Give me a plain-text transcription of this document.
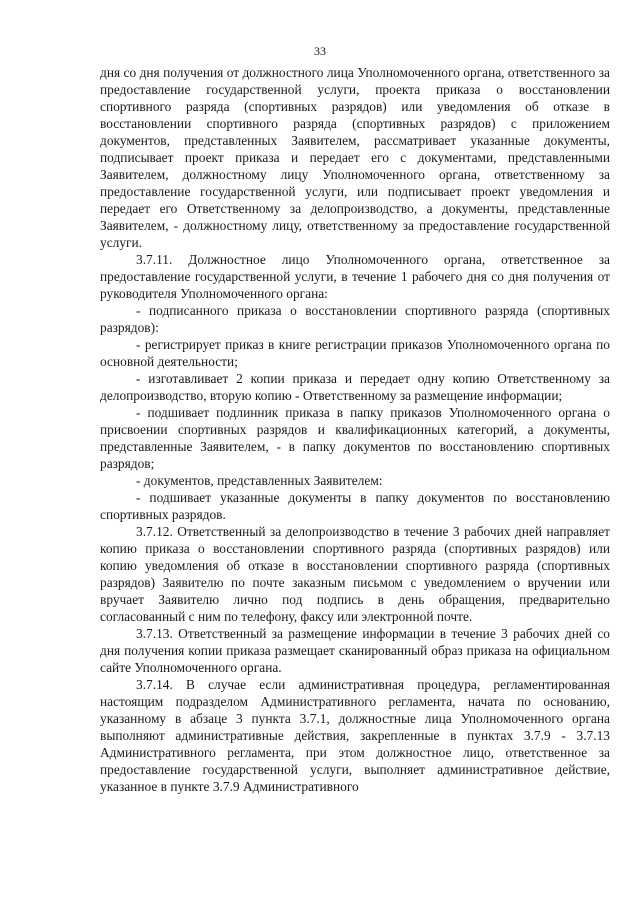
33

дня со дня получения от должностного лица Уполномоченного органа, ответственного за предоставление государственной услуги, проекта приказа о восстановлении спортивного разряда (спортивных разрядов) или уведомления об отказе в восстановлении спортивного разряда (спортивных разрядов) с приложением документов, представленных Заявителем, рассматривает указанные документы, подписывает проект приказа и передает его с документами, представленными Заявителем, должностному лицу Уполномоченного органа, ответственному за предоставление государственной услуги, или подписывает проект уведомления и передает его Ответственному за делопроизводство, а документы, представленные Заявителем, - должностному лицу, ответственному за предоставление государственной услуги.

3.7.11. Должностное лицо Уполномоченного органа, ответственное за предоставление государственной услуги, в течение 1 рабочего дня со дня получения от руководителя Уполномоченного органа:

- подписанного приказа о восстановлении спортивного разряда (спортивных разрядов):

- регистрирует приказ в книге регистрации приказов Уполномоченного органа по основной деятельности;

- изготавливает 2 копии приказа и передает одну копию Ответственному за делопроизводство, вторую копию - Ответственному за размещение информации;

- подшивает подлинник приказа в папку приказов Уполномоченного органа о присвоении спортивных разрядов и квалификационных категорий, а документы, представленные Заявителем, - в папку документов по восстановлению спортивных разрядов;

- документов, представленных Заявителем:

- подшивает указанные документы в папку документов по восстановлению спортивных разрядов.

3.7.12. Ответственный за делопроизводство в течение 3 рабочих дней направляет копию приказа о восстановлении спортивного разряда (спортивных разрядов) или копию уведомления об отказе в восстановлении спортивного разряда (спортивных разрядов) Заявителю по почте заказным письмом с уведомлением о вручении или вручает Заявителю лично под подпись в день обращения, предварительно согласованный с ним по телефону, факсу или электронной почте.

3.7.13. Ответственный за размещение информации в течение 3 рабочих дней со дня получения копии приказа размещает сканированный образ приказа на официальном сайте Уполномоченного органа.

3.7.14. В случае если административная процедура, регламентированная настоящим подразделом Административного регламента, начата по основанию, указанному в абзаце 3 пункта 3.7.1, должностные лица Уполномоченного органа выполняют административные действия, закрепленные в пунктах 3.7.9 - 3.7.13 Административного регламента, при этом должностное лицо, ответственное за предоставление государственной услуги, выполняет административное действие, указанное в пункте 3.7.9 Административного
